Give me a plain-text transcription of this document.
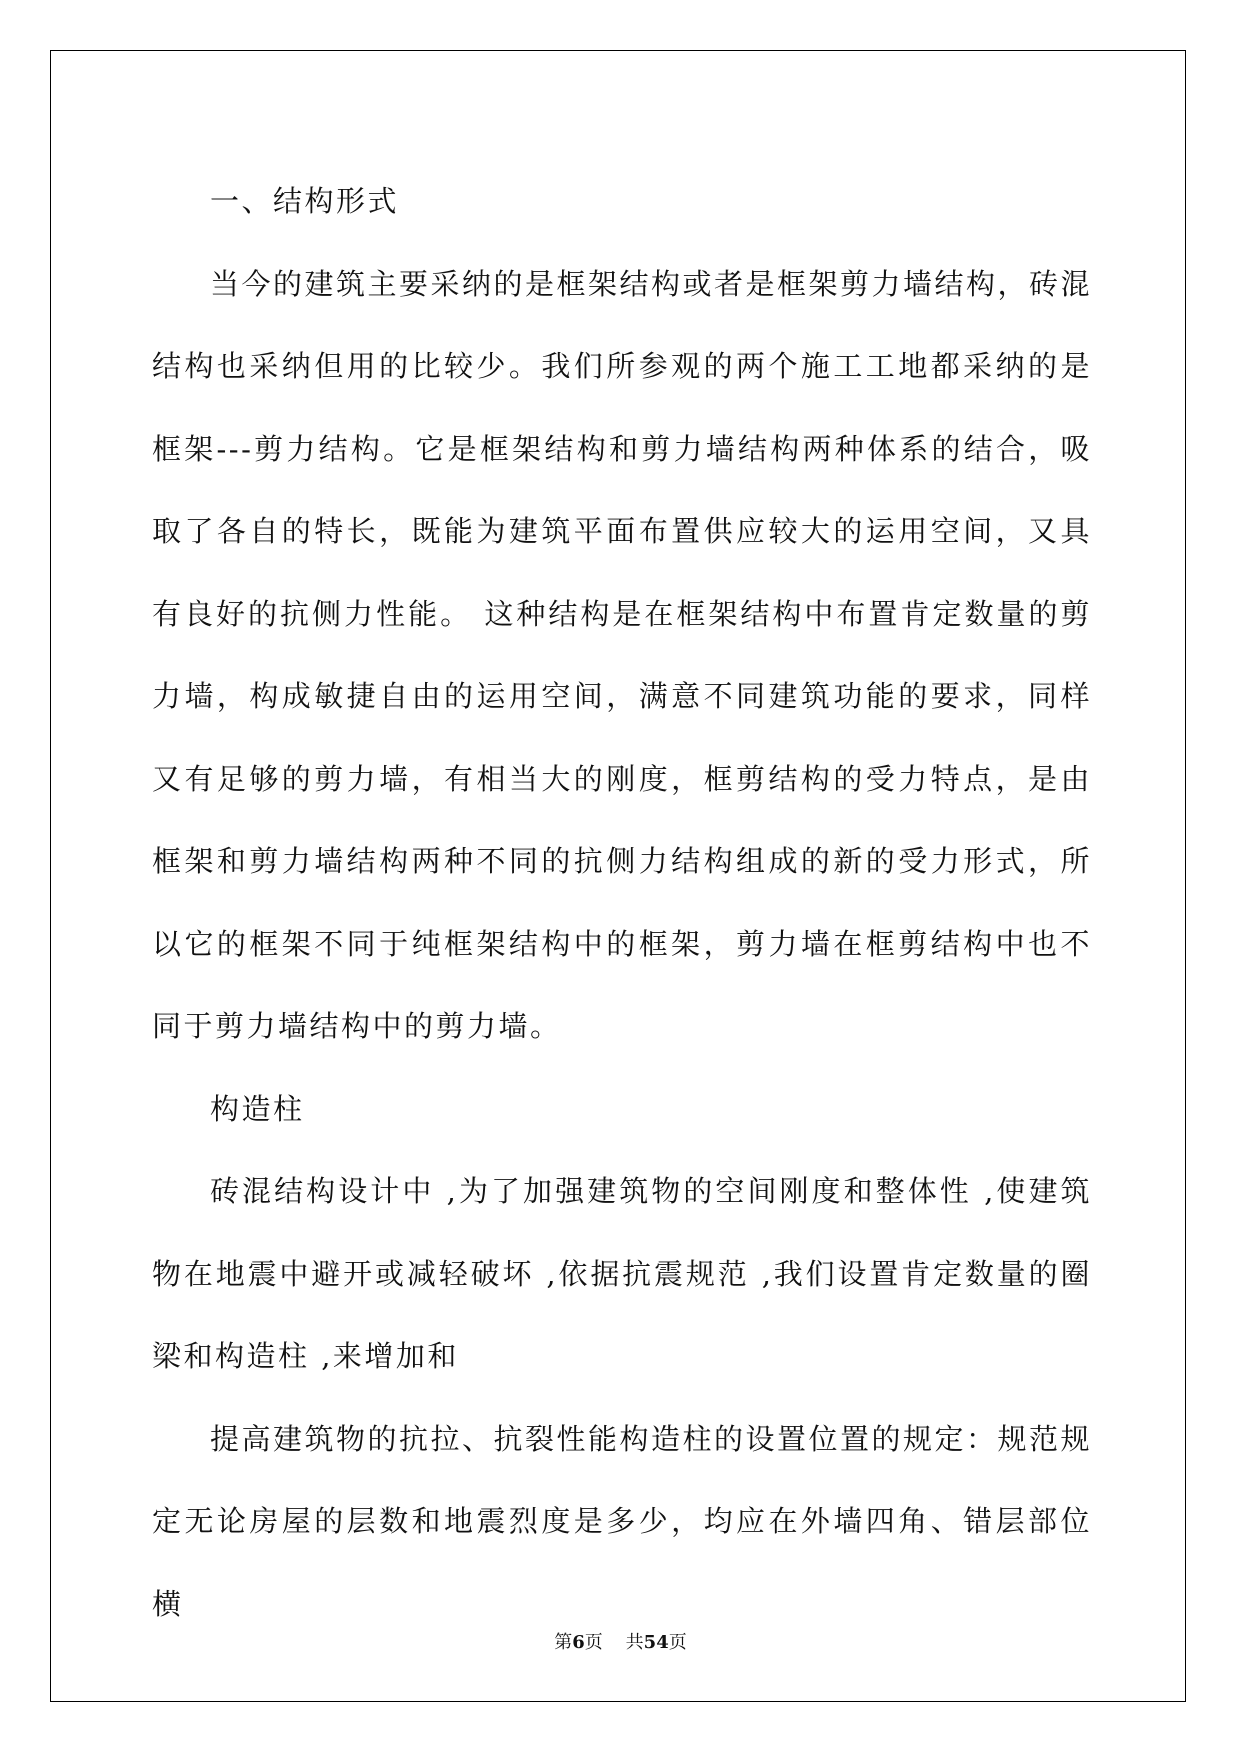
一、结构形式

当今的建筑主要采纳的是框架结构或者是框架剪力墙结构，砖混结构也采纳但用的比较少。我们所参观的两个施工工地都采纳的是框架---剪力结构。它是框架结构和剪力墙结构两种体系的结合，吸取了各自的特长，既能为建筑平面布置供应较大的运用空间，又具有良好的抗侧力性能。 这种结构是在框架结构中布置肯定数量的剪力墙，构成敏捷自由的运用空间，满意不同建筑功能的要求，同样又有足够的剪力墙，有相当大的刚度，框剪结构的受力特点，是由框架和剪力墙结构两种不同的抗侧力结构组成的新的受力形式，所以它的框架不同于纯框架结构中的框架，剪力墙在框剪结构中也不同于剪力墙结构中的剪力墙。

构造柱

砖混结构设计中 ,为了加强建筑物的空间刚度和整体性 ,使建筑物在地震中避开或减轻破坏 ,依据抗震规范 ,我们设置肯定数量的圈梁和构造柱 ,来增加和

提高建筑物的抗拉、抗裂性能构造柱的设置位置的规定：规范规定无论房屋的层数和地震烈度是多少，均应在外墙四角、错层部位横

第6页 共54页
